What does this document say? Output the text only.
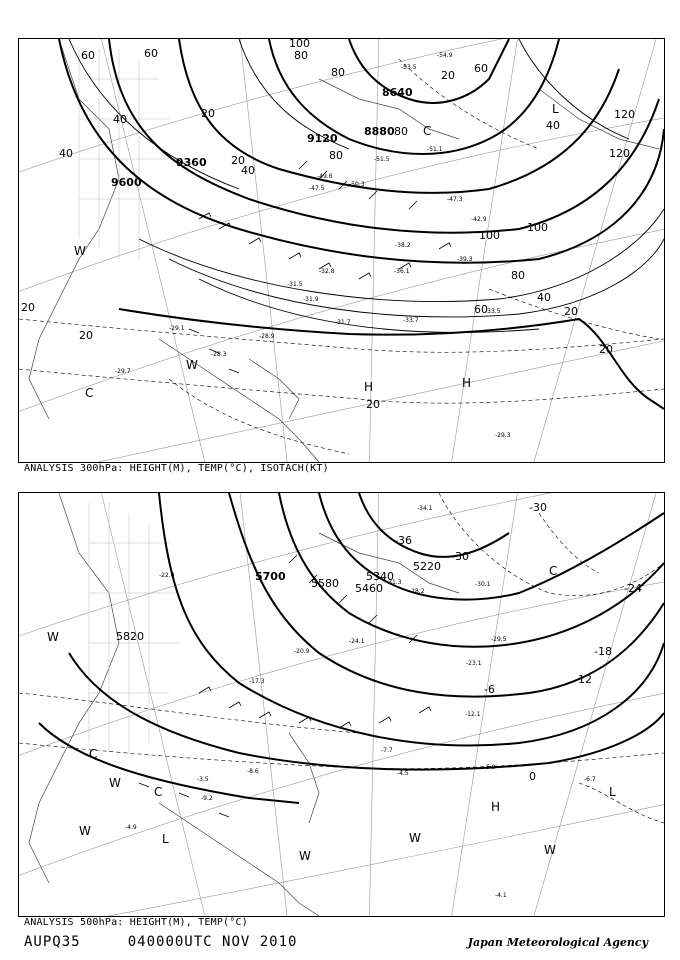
9600
9360
9120
8880
8640
60	60
40	20
20
40
80
100
80
60
40
20
20
80
100
120
120
100
80
60
40
20
20
20
40	80
20
H	H
C
C
L
W
W
-29.1
-28.3
-29.7
-28.9
-31.7	-33.7
-31.5
-32.8	-36.1
-38.2
-39.3
-42.9
-47.5
-51.1
-51.5
-54.9
-53.5
-29.3
-33.5
-31.9
-47.3
-49.6
-50.3
ANALYSIS 300hPa: HEIGHT(M), TEMP(°C), ISOTACH(KT)
5820
5700
5580 5460
5340
5220
-36
-30
-30
-24
-18
-12
-6
0
H
L
L
C
C
C
W
W
W
W
W
W
-22.0
-17.3
-20.9
-24.1
-28.2
-31.3
-34.1
-30.1
-29.5
-23.1
-12.1
-7.7
-8.6
-5.9
-4.5
-6.7
-4.1
-3.5
-9.2
-4.9
ANALYSIS 500hPa: HEIGHT(M), TEMP(°C)
AUPQ35	040000UTC NOV 2010	Japan Meteorological Agency
